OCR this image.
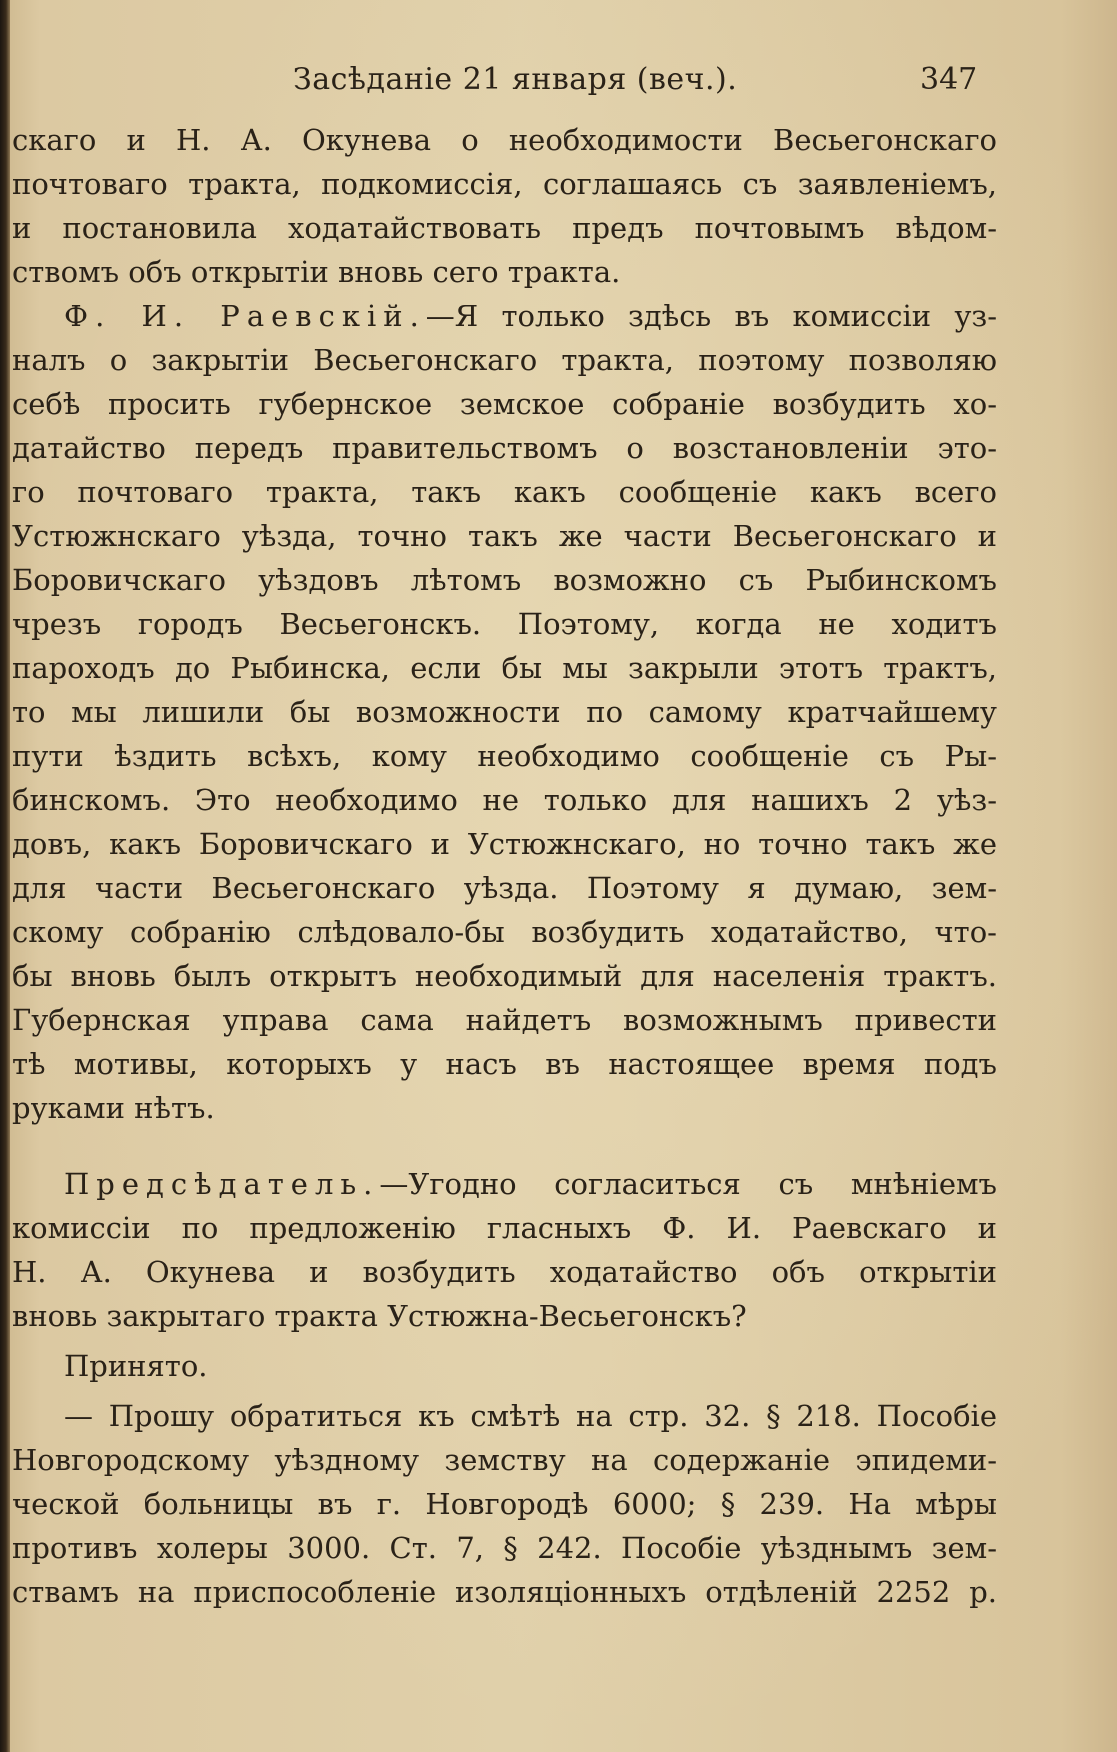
Засѣданіе 21 января (веч.).	347
скаго и Н. А. Окунева о необходимости Весьегонскаго
почтоваго тракта, подкомиссія, соглашаясь съ заявленіемъ,
и постановила ходатайствовать предъ почтовымъ вѣдом-
ствомъ объ открытіи вновь сего тракта.
Ф. И. Раевскій.—Я только здѣсь въ комиссіи уз-
налъ о закрытіи Весьегонскаго тракта, поэтому позволяю
себѣ просить губернское земское собраніе возбудить хо-
датайство передъ правительствомъ о возстановленіи это-
го почтоваго тракта, такъ какъ сообщеніе какъ всего
Устюжнскаго уѣзда, точно такъ же части Весьегонскаго и
Боровичскаго уѣздовъ лѣтомъ возможно съ Рыбинскомъ
чрезъ городъ Весьегонскъ. Поэтому, когда не ходитъ
пароходъ до Рыбинска, если бы мы закрыли этотъ трактъ,
то мы лишили бы возможности по самому кратчайшему
пути ѣздить всѣхъ, кому необходимо сообщеніе съ Ры-
бинскомъ. Это необходимо не только для нашихъ 2 уѣз-
довъ, какъ Боровичскаго и Устюжнскаго, но точно такъ же
для части Весьегонскаго уѣзда. Поэтому я думаю, зем-
скому собранію слѣдовало-бы возбудить ходатайство, что-
бы вновь былъ открытъ необходимый для населенія трактъ.
Губернская управа сама найдетъ возможнымъ привести
тѣ мотивы, которыхъ у насъ въ настоящее время подъ
руками нѣтъ.
Предсѣдатель.—Угодно согласиться съ мнѣніемъ
комиссіи по предложенію гласныхъ Ф. И. Раевскаго и
Н. А. Окунева и возбудить ходатайство объ открытіи
вновь закрытаго тракта Устюжна-Весьегонскъ?
Принято.
— Прошу обратиться къ смѣтѣ на стр. 32. § 218. Пособіе
Новгородскому уѣздному земству на содержаніе эпидеми-
ческой больницы въ г. Новгородѣ 6000; § 239. На мѣры
противъ холеры 3000. Ст. 7, § 242. Пособіе уѣзднымъ зем-
ствамъ на приспособленіе изоляціонныхъ отдѣленій 2252 р.
